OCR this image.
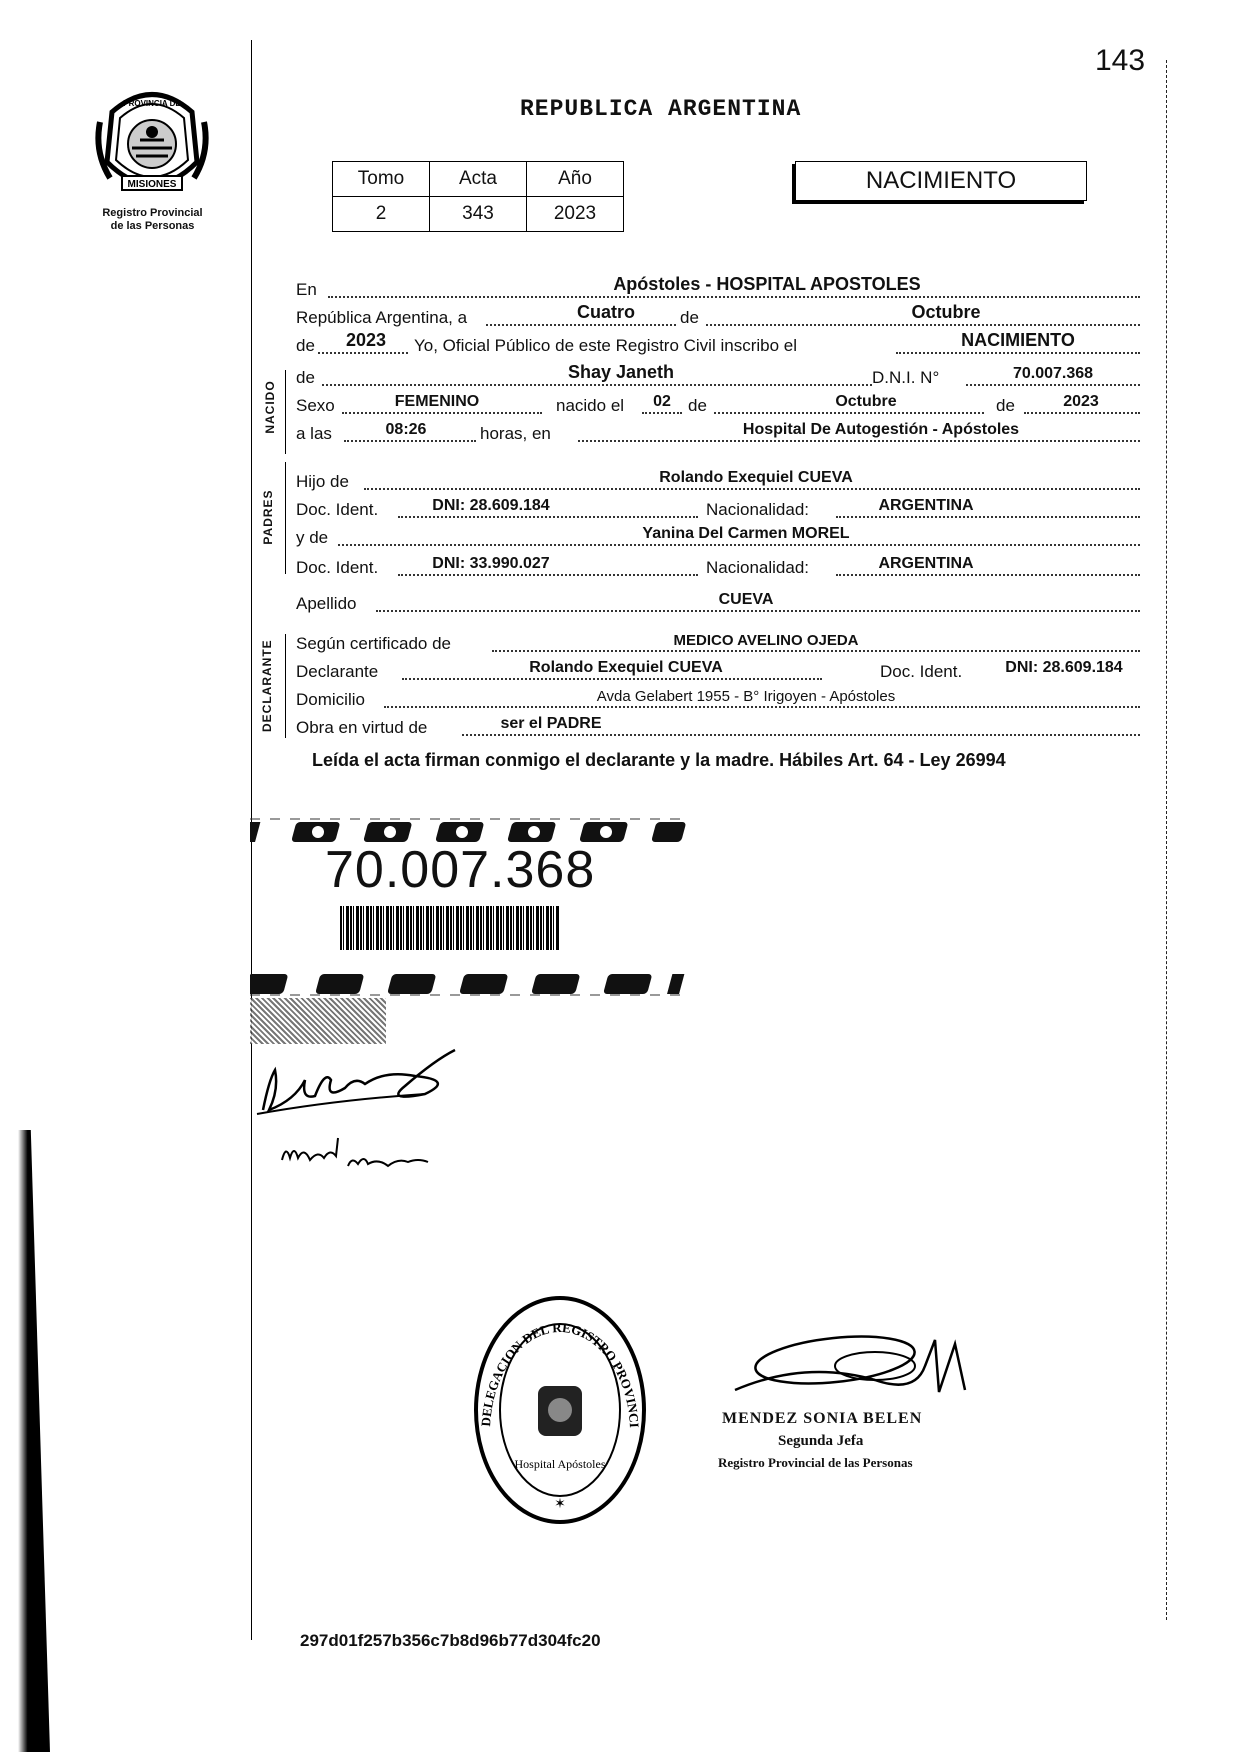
143
MISIONES
PROVINCIA DE
Registro Provincial
de las Personas
REPUBLICA ARGENTINA
Tomo	Acta	Año
2	343	2023
NACIMIENTO
En	Apóstoles - HOSPITAL APOSTOLES
República Argentina, a	Cuatro	de	Octubre
de	2023	Yo, Oficial Público de este Registro Civil inscribo el	NACIMIENTO
NACIDO
de	Shay Janeth	D.N.I. N°	70.007.368
Sexo	FEMENINO	nacido el	02	de	Octubre	de	2023
a las	08:26	horas, en	Hospital De Autogestión - Apóstoles
PADRES
Hijo de	Rolando Exequiel CUEVA
Doc. Ident.	DNI: 28.609.184	Nacionalidad:	ARGENTINA
y de	Yanina Del Carmen MOREL
Doc. Ident.	DNI: 33.990.027	Nacionalidad:	ARGENTINA
Apellido	CUEVA
DECLARANTE Según certificado de	MEDICO AVELINO OJEDA
Declarante	Rolando Exequiel CUEVA	Doc. Ident.	DNI: 28.609.184
Domicilio	Avda Gelabert 1955 - B° Irigoyen - Apóstoles
Obra en virtud de	ser el PADRE
Leída el acta firman conmigo el declarante y la madre. Hábiles Art. 64 - Ley 26994
70.007.368
DELEGACION DEL REGISTRO PROVINCI
Hospital Apóstoles
✶
MENDEZ SONIA BELEN
Segunda Jefa
Registro Provincial de las Personas
297d01f257b356c7b8d96b77d304fc20
